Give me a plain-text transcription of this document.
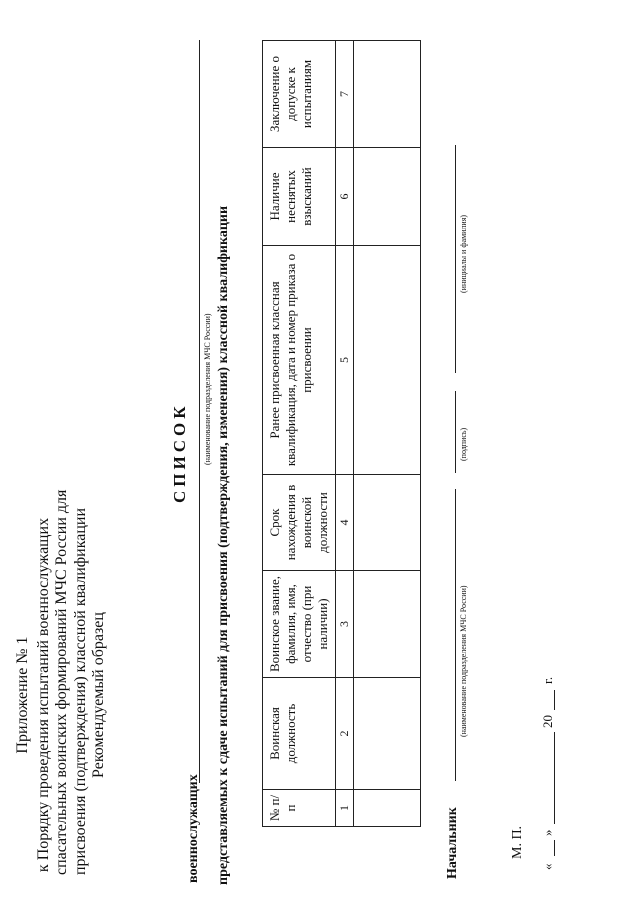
Приложение № 1 к Порядку проведения испытаний военнослужащих спасательных воинских формирований МЧС России для присвоения (подтверждения) классной квалификации Рекомендуемый образец
СПИСОК
военнослужащих
(наименование подразделения МЧС России) представляемых к сдаче испытаний для присвоения (подтверждения, изменения) классной квалификации	№ п/п	Воинская должность	Воинское звание, фамилия, имя, отчество (при наличии)	Срок нахождения в воинской должности	Ранее присвоенная классная квалификация, дата и номер приказа о присвоении	Наличие неснятых взысканий	Заключение о допуске к испытаниям
1	2	3	4	5	6	7

Начальник
(наименование подразделения МЧС России)
(подпись)
(инициалы и фамилия)
М. П.
«
»
20
г.
